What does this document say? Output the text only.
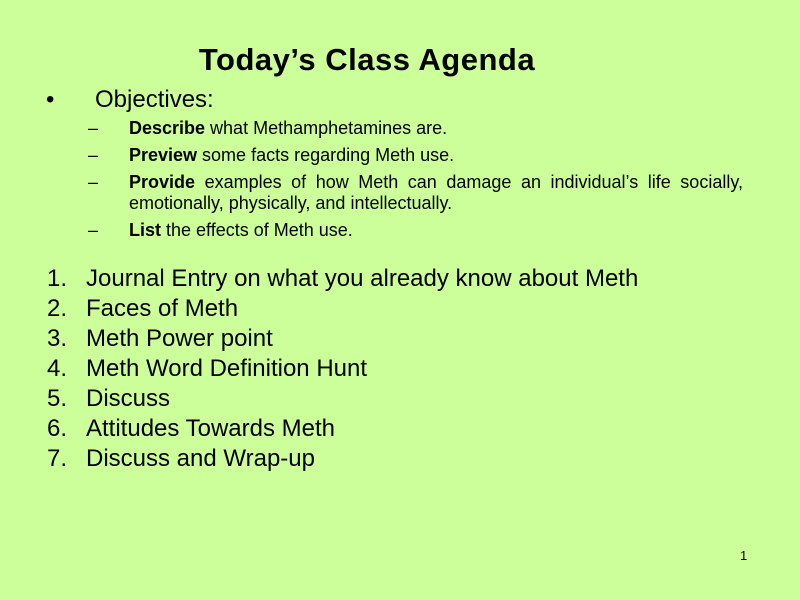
Today’s Class Agenda
•	Objectives:
–	Describe what Methamphetamines are.
–	Preview some facts regarding Meth use.
–	Provide examples of how Meth can damage an individual’s life socially, emotionally, physically, and intellectually.
–	List the effects of Meth use.
1. Journal Entry on what you already know about Meth
2. Faces of Meth
3. Meth Power point
4. Meth Word Definition Hunt
5. Discuss
6. Attitudes Towards Meth
7. Discuss and Wrap-up
1
